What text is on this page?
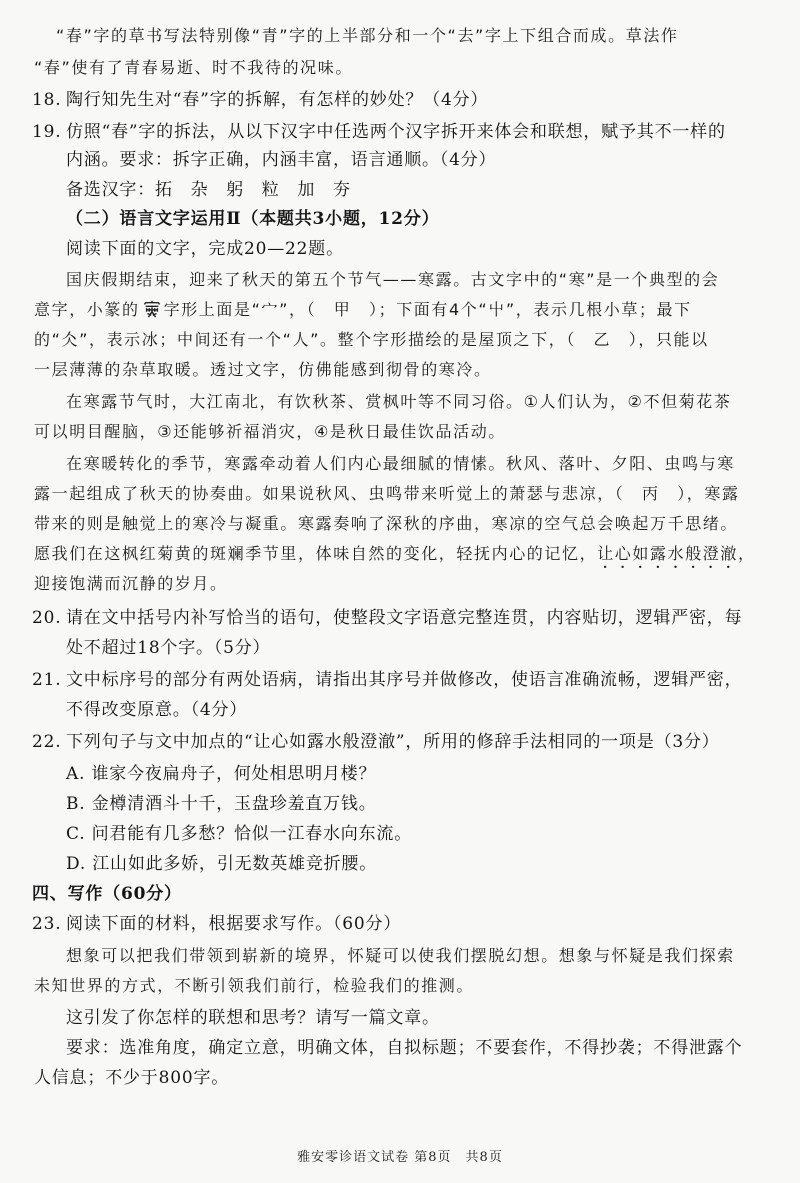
“春”字的草书写法特别像“青”字的上半部分和一个“去”字上下组合而成。草法作
“春”使有了青春易逝、时不我待的况味。
18. 陶行知先生对“春”字的拆解，有怎样的妙处？（4分）
19. 仿照“春”字的拆法，从以下汉字中任选两个汉字拆开来体会和联想，赋予其不一样的
内涵。要求：拆字正确，内涵丰富，语言通顺。（4分）
备选汉字：拓　杂　躬　粒　加　夯
（二）语言文字运用Ⅱ（本题共3小题，12分）
阅读下面的文字，完成20—22题。
国庆假期结束，迎来了秋天的第五个节气——寒露。古文字中的“寒”是一个典型的会
意字，小篆的 字形上面是“宀”，（　甲　）；下面有4个“屮”，表示几根小草；最下
的“仌”，表示冰；中间还有一个“人”。整个字形描绘的是屋顶之下，（　乙　），只能以
一层薄薄的杂草取暖。透过文字，仿佛能感到彻骨的寒冷。
在寒露节气时，大江南北，有饮秋茶、赏枫叶等不同习俗。①人们认为，②不但菊花茶
可以明目醒脑，③还能够祈福消灾，④是秋日最佳饮品活动。
在寒暖转化的季节，寒露牵动着人们内心最细腻的情愫。秋风、落叶、夕阳、虫鸣与寒
露一起组成了秋天的协奏曲。如果说秋风、虫鸣带来听觉上的萧瑟与悲凉，（　丙　），寒露
带来的则是触觉上的寒冷与凝重。寒露奏响了深秋的序曲，寒凉的空气总会唤起万千思绪。
愿我们在这枫红菊黄的斑斓季节里，体味自然的变化，轻抚内心的记忆，让心如露水般澄澈，
迎接饱满而沉静的岁月。
20. 请在文中括号内补写恰当的语句，使整段文字语意完整连贯，内容贴切，逻辑严密，每
处不超过18个字。（5分）
21. 文中标序号的部分有两处语病，请指出其序号并做修改，使语言准确流畅，逻辑严密，
不得改变原意。（4分）
22. 下列句子与文中加点的“让心如露水般澄澈”，所用的修辞手法相同的一项是（3分）
A. 谁家今夜扁舟子，何处相思明月楼？
B. 金樽清酒斗十千，玉盘珍羞直万钱。
C. 问君能有几多愁？恰似一江春水向东流。
D. 江山如此多娇，引无数英雄竞折腰。
四、写作（60分）
23. 阅读下面的材料，根据要求写作。（60分）
想象可以把我们带领到崭新的境界，怀疑可以使我们摆脱幻想。想象与怀疑是我们探索
未知世界的方式，不断引领我们前行，检验我们的推测。
这引发了你怎样的联想和思考？请写一篇文章。
要求：选准角度，确定立意，明确文体，自拟标题；不要套作，不得抄袭；不得泄露个
人信息；不少于800字。
雅安零诊语文试卷 第8页　共8页
